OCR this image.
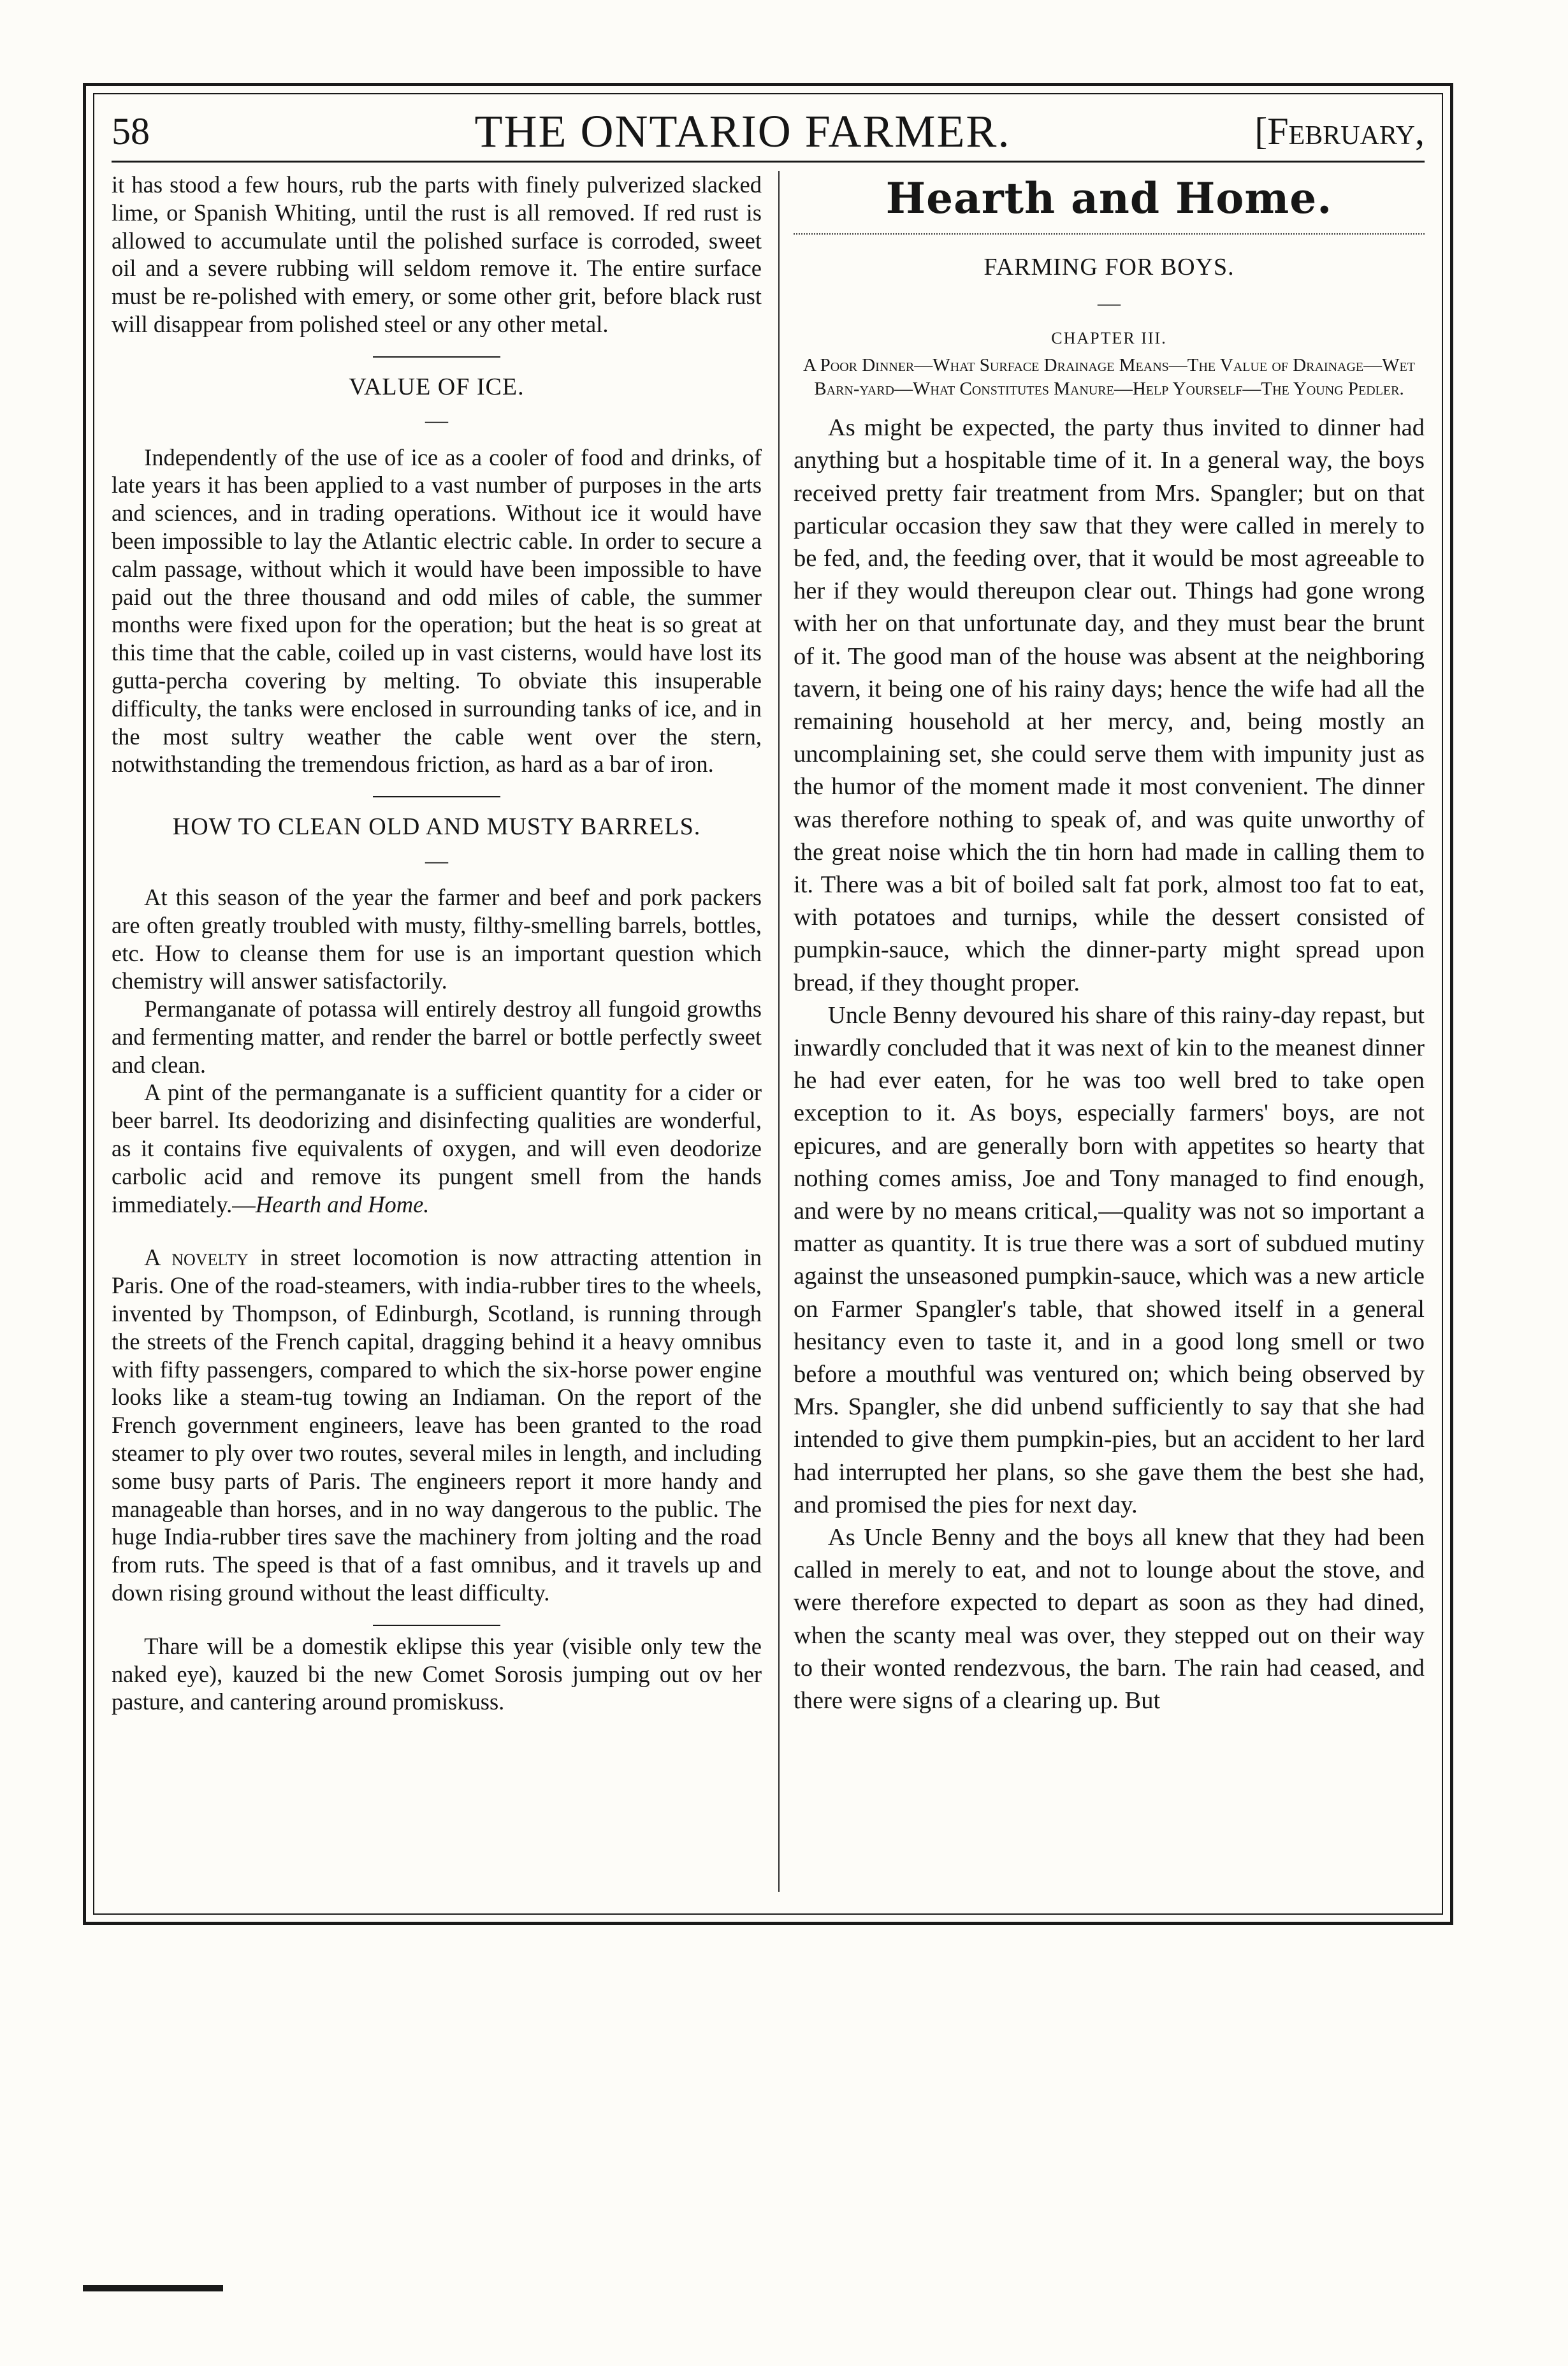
58	THE ONTARIO FARMER.	[February,

it has stood a few hours, rub the parts with finely pulverized slacked lime, or Spanish Whiting, until the rust is all removed. If red rust is allowed to accumulate until the polished surface is corroded, sweet oil and a severe rubbing will seldom remove it. The entire surface must be re-polished with emery, or some other grit, before black rust will disappear from polished steel or any other metal.

VALUE OF ICE.
—

Independently of the use of ice as a cooler of food and drinks, of late years it has been applied to a vast number of purposes in the arts and sciences, and in trading operations. Without ice it would have been impossible to lay the Atlantic electric cable. In order to secure a calm passage, without which it would have been impossible to have paid out the three thousand and odd miles of cable, the summer months were fixed upon for the operation; but the heat is so great at this time that the cable, coiled up in vast cisterns, would have lost its gutta-percha covering by melting. To obviate this insuperable difficulty, the tanks were enclosed in surrounding tanks of ice, and in the most sultry weather the cable went over the stern, notwithstanding the tremendous friction, as hard as a bar of iron.

HOW TO CLEAN OLD AND MUSTY BARRELS.
—

At this season of the year the farmer and beef and pork packers are often greatly troubled with musty, filthy-smelling barrels, bottles, etc. How to cleanse them for use is an important question which chemistry will answer satisfactorily.

Permanganate of potassa will entirely destroy all fungoid growths and fermenting matter, and render the barrel or bottle perfectly sweet and clean.

A pint of the permanganate is a sufficient quantity for a cider or beer barrel. Its deodorizing and disinfecting qualities are wonderful, as it contains five equivalents of oxygen, and will even deodorize carbolic acid and remove its pungent smell from the hands immediately.—Hearth and Home.

A novelty in street locomotion is now attracting attention in Paris. One of the road-steamers, with india-rubber tires to the wheels, invented by Thompson, of Edinburgh, Scotland, is running through the streets of the French capital, dragging behind it a heavy omnibus with fifty passengers, compared to which the six-horse power engine looks like a steam-tug towing an Indiaman. On the report of the French government engineers, leave has been granted to the road steamer to ply over two routes, several miles in length, and including some busy parts of Paris. The engineers report it more handy and manageable than horses, and in no way dangerous to the public. The huge India-rubber tires save the machinery from jolting and the road from ruts. The speed is that of a fast omnibus, and it travels up and down rising ground without the least difficulty.

Thare will be a domestik eklipse this year (visible only tew the naked eye), kauzed bi the new Comet Sorosis jumping out ov her pasture, and cantering around promiskuss.

Hearth and Home.
FARMING FOR BOYS.
—
CHAPTER III.
A Poor Dinner—What Surface Drainage Means—The Value of Drainage—Wet Barn-yard—What Constitutes Manure—Help Yourself—The Young Pedler.

As might be expected, the party thus invited to dinner had anything but a hospitable time of it. In a general way, the boys received pretty fair treatment from Mrs. Spangler; but on that particular occasion they saw that they were called in merely to be fed, and, the feeding over, that it would be most agreeable to her if they would thereupon clear out. Things had gone wrong with her on that unfortunate day, and they must bear the brunt of it. The good man of the house was absent at the neighboring tavern, it being one of his rainy days; hence the wife had all the remaining household at her mercy, and, being mostly an uncomplaining set, she could serve them with impunity just as the humor of the moment made it most convenient. The dinner was therefore nothing to speak of, and was quite unworthy of the great noise which the tin horn had made in calling them to it. There was a bit of boiled salt fat pork, almost too fat to eat, with potatoes and turnips, while the dessert consisted of pumpkin-sauce, which the dinner-party might spread upon bread, if they thought proper.

Uncle Benny devoured his share of this rainy-day repast, but inwardly concluded that it was next of kin to the meanest dinner he had ever eaten, for he was too well bred to take open exception to it. As boys, especially farmers' boys, are not epicures, and are generally born with appetites so hearty that nothing comes amiss, Joe and Tony managed to find enough, and were by no means critical,—quality was not so important a matter as quantity. It is true there was a sort of subdued mutiny against the unseasoned pumpkin-sauce, which was a new article on Farmer Spangler's table, that showed itself in a general hesitancy even to taste it, and in a good long smell or two before a mouthful was ventured on; which being observed by Mrs. Spangler, she did unbend sufficiently to say that she had intended to give them pumpkin-pies, but an accident to her lard had interrupted her plans, so she gave them the best she had, and promised the pies for next day.

As Uncle Benny and the boys all knew that they had been called in merely to eat, and not to lounge about the stove, and were therefore expected to depart as soon as they had dined, when the scanty meal was over, they stepped out on their way to their wonted rendezvous, the barn. The rain had ceased, and there were signs of a clearing up. But
